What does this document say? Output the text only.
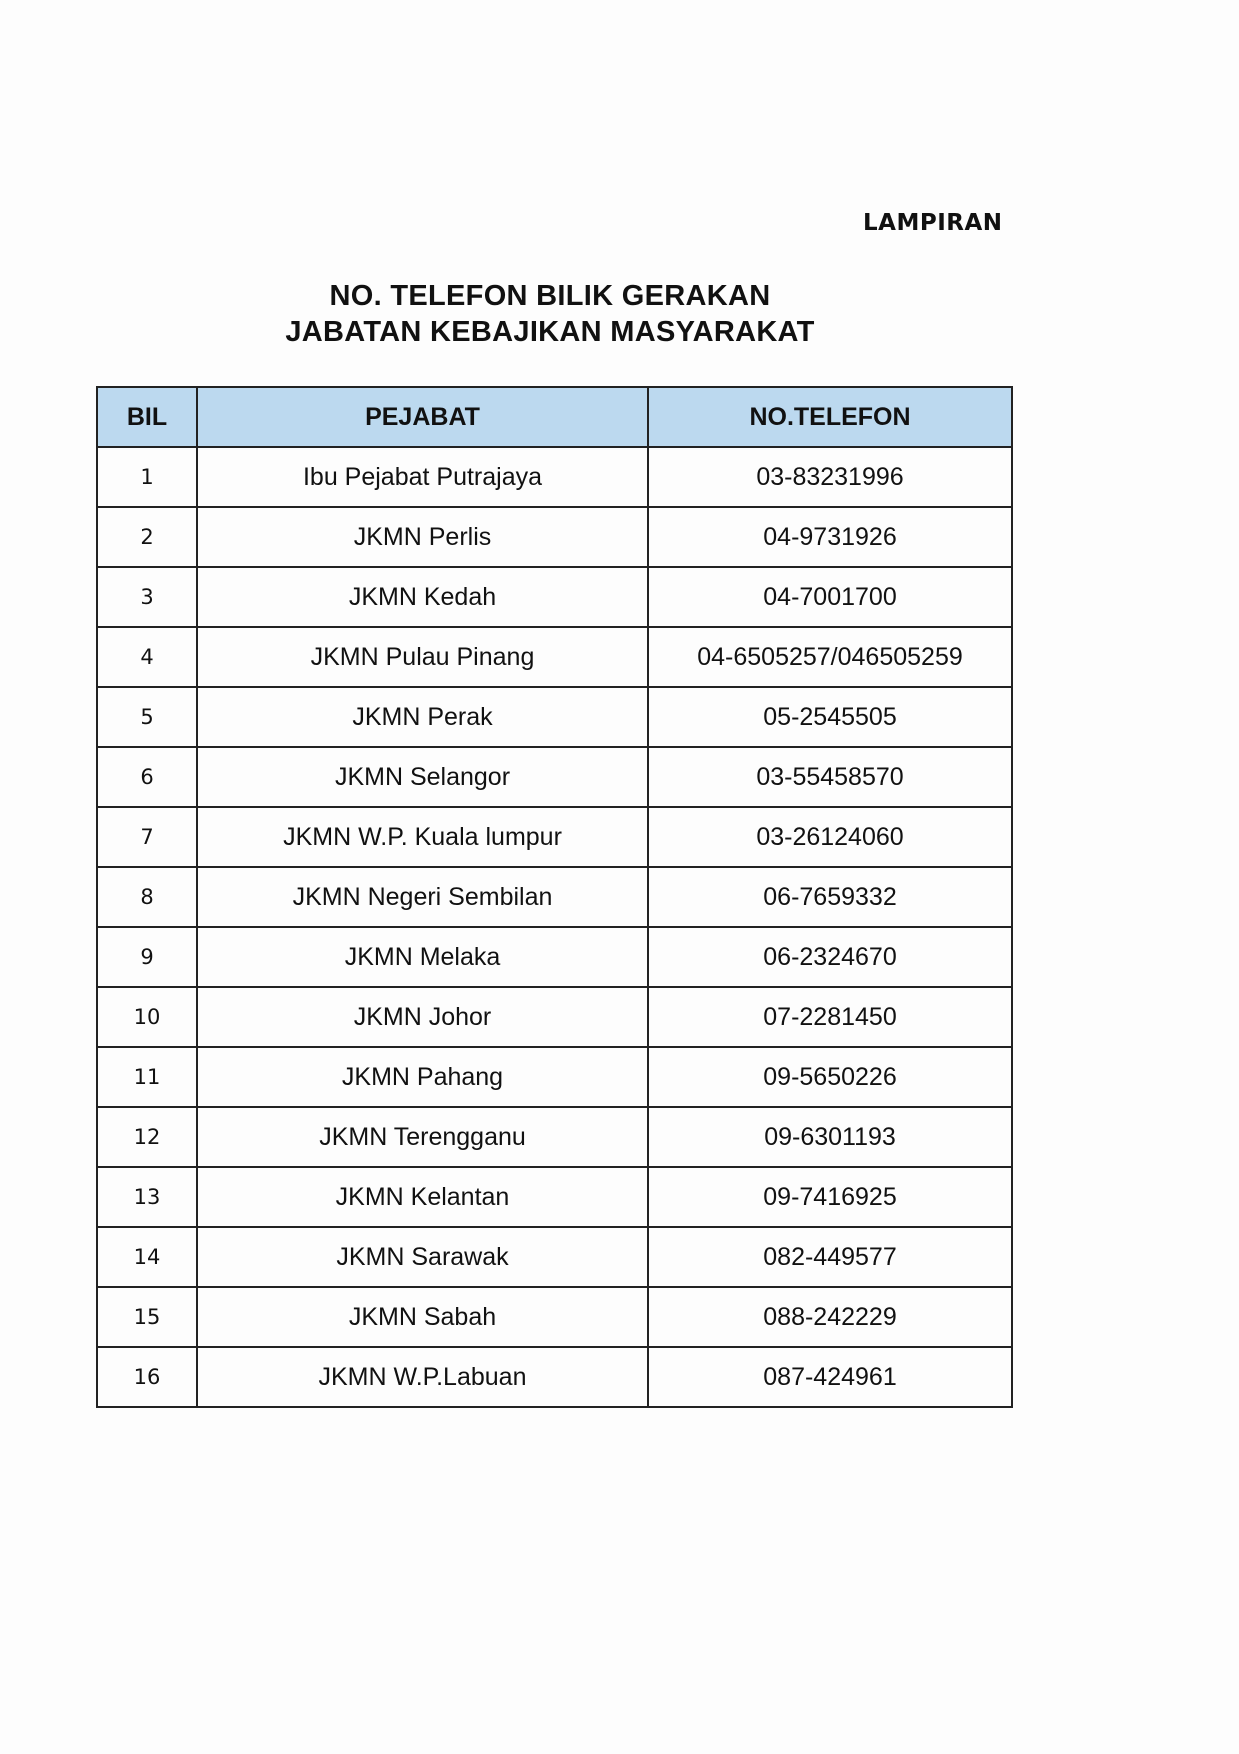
LAMPIRAN
NO. TELEFON BILIK GERAKAN
JABATAN KEBAJIKAN MASYARAKAT
BIL	PEJABAT	NO.TELEFON
1	Ibu Pejabat Putrajaya	03-83231996
2	JKMN Perlis	04-9731926
3	JKMN Kedah	04-7001700
4	JKMN Pulau Pinang	04-6505257/046505259
5	JKMN Perak	05-2545505
6	JKMN Selangor	03-55458570
7	JKMN W.P. Kuala lumpur	03-26124060
8	JKMN Negeri Sembilan	06-7659332
9	JKMN Melaka	06-2324670
10	JKMN Johor	07-2281450
11	JKMN Pahang	09-5650226
12	JKMN Terengganu	09-6301193
13	JKMN Kelantan	09-7416925
14	JKMN Sarawak	082-449577
15	JKMN Sabah	088-242229
16	JKMN W.P.Labuan	087-424961
